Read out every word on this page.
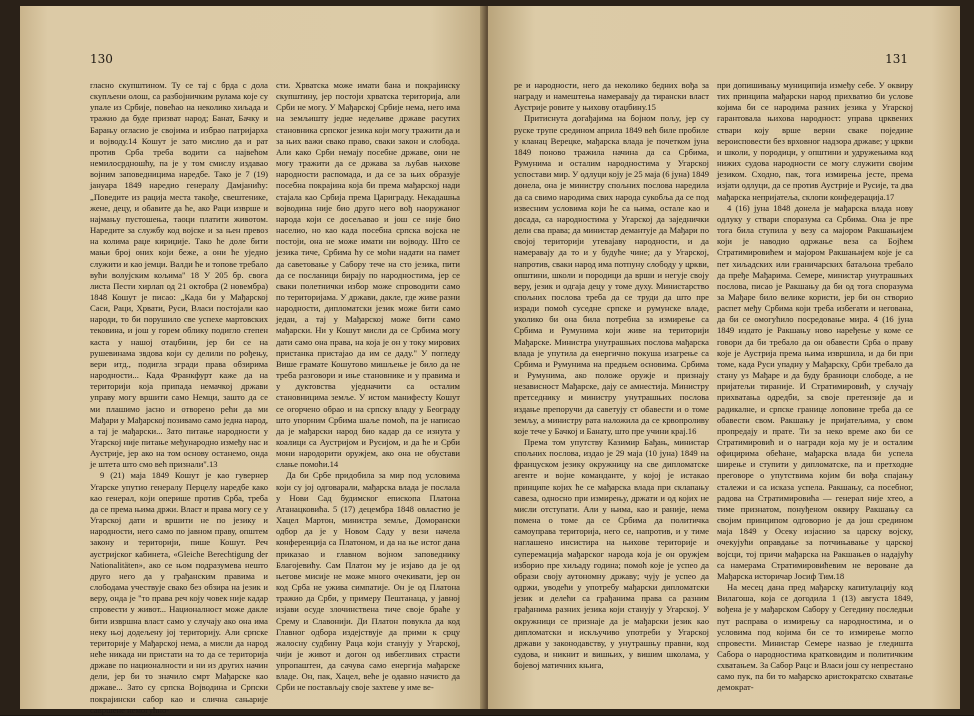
130

гласно скупштином. Ту се тај с брда с дола скупљени олош, са разбојничким рулама које су упале из Србије, повећао на неколико хиљада и тражио да буде призват народ; Банат, Бачку и Барању огласио је својима и избрао патријарха и војводу.14 Кошут је зато мислио да и рат против Срба треба водити са највећом немилосрдношћу, па је у том смислу издавао војним заповедницима наредбе. Тако је 7 (19) јануара 1849 наредио генералу Дамјанићу: „Поведите из рација места такође, свештенике, жене, децу, и обавите да ће, ако Раци изврше и најмању пустошења, таоци платити животом. Наредите за службу код војске и за њен превоз на колима раџе кириџије. Тако ће доле бити мањи број оних који беже, а они ће уједно служити и као јемци. Валди ће и топове требало вући волујским кољима" 18 У 205 бр. свога листа Пести хирлап од 21 октобра (2 новембра) 1848 Кошут је писао: „Када би у Мађарској Саси, Раци, Хрвати, Руси, Власи постојали као народи, то би порушило све успехе мартовских тековина, и још у горем облику подигло степен каста у нашој отаџбини, јер би се на рушевинама звдова који су делили по рођењу, вери итд., подигла згради права обзирима народности... Када Франкфурт каже да на територији која припада немачкој држави управу могу вршити само Немци, зашто да се ми плашимо јасно и отворено рећи да ми Мађари у Мађарској позивамо само једна народ, а тај је мађарски... Зато питање народности у Угарској није питање међународно између нас и Аустрије, јер ако на том основу останемо, онда је штета што смо већ признали".13

9 (21) маја 1849 Кошут је као гувернер Угарске упутио генералу Перцелу наредбе како као генерал, који оперише против Срба, треба да се према њима држи. Власт и права могу се у Угарској дати и вршити не по језику и народности, него само по јавном праву, општем закону и територији, пише Кошут. Реч аустријског кабинета, «Gleiche Berechtigung der Nationalitäten», ако се њом подразумева нешто друго него да у грађанским правима и слободама учествује свако без обзира на језик и веру, онда је "то права реч коју човек није кадар спровести у живот... Националност може дакле бити извршна власт само у случају ако она има неку њој додељену јој територију. Али српске територије у Мађарској нема, а мисли да народ неће никада ни пристати на то да се територија државе по националности и ни из других начин дели, јер би то значило смрт Мађарске као државе... Зато су српска Војводина и Српски покрајински сабор као и слична сањарије савршене немогућно-

сти. Хрватска може имати бана и покрајинску скупштину, јер постоји хрватска територија, али Срби не могу. У Мађарској Србије нема, него има на земљишту једне недељиве државе расутих становника српског језика који могу тражити да и за њих важи свако право, сваки закон и слобода. Али како Срби немају посебне државе, они не могу тражити да се држава за љубав њихове народности распомада, и да се за њих образује посебна покрајина која би према мађарској нади стајала као Србија према Цариграду. Некадашња војводина није био друго него вођ наоружаног народа који се досељавао и још се није био населио, но као када посебна српска војска не постоји, она не може имати ни војводу. Што се језика тиче, Србима ћу се моћи надати на памет да саветовање у Сабору тече на сто језика, пити да се посланици бирају по народностима, јер се сваки полетнички избор може спроводити само по територијама. У држави, дакле, где живе разни народности, дипломатски језик може бити само један, а тај у Мађарској може бити само мађарски. Ни у Кошут мисли да се Србима могу дати само она права, на која је он у току мирових пристанка пристајао да им се даду." У погледу Више грамате Кошутово мишљење је било да не треба разговори и иње становнике и у правима и у дуктовства уједначити са осталим становницима земље. У истом манифесту Кошут се огорчено обрао и на српску владу у Београду што упорним Србима шаље помоћ, па је написао да је мађарски народ био кадар да се изнута у коалици са Аустријом и Русијом, и да ће и Срби мони народорити оружјем, ако она не обустави слање помоћи.14

Да би Србе придобила за мир под условима који су јој одговарали, мађарска влада је послала у Нови Сад будимског епископа Платона Атанацковића. 5 (17) децембра 1848 овластио је Хацел Мартон, министра земље, Доморански одбор да је у Новом Саду у вези начела конференција са Платоном, и да на ње истог дана приказао и главном војном заповеднику Благојевићу. Сам Платон му је изјаво да је од његове мисије не може много очекивати, јер он код Срба не ужива симпатије. Он је од Платона тражио да Срби, у примеру Пештанаца, у јавној изјави осуде злочинствена тиче своје браће у Срему и Славонији. Ди Платон повукла да код Главног одбора издејствује да прими к срцу жалосну судбину Раца који станују у Угарској, чији је живот и догон од ивбегливих страсти упропаштен, да сачува само енергиja мађарске владе. Он, пак, Хацел, веће је одавно начисто да Срби не постављају своје захтеве у име ве-

131

ре и народности, него да неколико бедних вођа за награду и намештења намеравају да тирански власт Аустрије ровите у њихову отаџбину.15

Притиснута догађајима на бојном пољу, јер су руске трупе средином априла 1849 већ биле пробиле у кланац Верецке, мађарска влада је почетком јуна 1849 поново тражила начина да са Србима, Румунима и осталим народностима у Угарској успостави мир. У одлуци коју је 25 маја (6 јуна) 1849 донела, она је министру спољних послова наредила да са свимо народима свих народа сукобља да се под извесним условима који ће са њима, остале као и досада, са народностима у Угарској да заједнички дели сва права; да министар демантује да Мађари по својој територији утеваjаву народности, и да намеравају да то и у будуће чине; да у Угарској, напротив, сваки народ има потпуну слободу у цркви, општини, школи и породици да врши и негује своју веру, језик и одгаја децу у томе духу. Министарство спољних послова треба да се труди да што пре изради помоћ суседне српске и румунске владе, уколико би она била потребна за измирење са Србима и Румунима који живе на територији Мађарске. Министра унутрашњих послова мађарска влада је упутила да енергично покуша изагрење са Србима и Румунима на предњем основима. Србима и Румунима, ако положе оружје и признају независност Мађарске, дају се амнестија. Министру претседнику и министру унутрашњих послова издање препоручи да саветују ст обавести и о томе земљу, а министру рата наложила да се крвопроливу које тече у Бачкој и Банату, што пре учини крај.16

Према том упутству Казимир Бађањ, министар спољних послова, издао је 29 маја (10 јуна) 1849 на француском језику окружницу на све дипломатске агенте и војне команданте, у којој је истакао принципе којих ће се мађарска влада при склапању савеза, односно при измирењу, држати и од којих не мисли отступати. Али у њима, као и раније, нема помена о томе да се Србима да политичка самоуправа територија, него се, напротив, и у тиме наглашено инсистира на њихове територије и суперемација мађарског народа која је он оружјем изборио пре хиљаду година; помоћ које је успео да образи своју аутономну државу; чују је успео да одржи, уводећи у употребу мађарски дипломатски језик и делећи са грађанима права са разним грађанима разних језика који станују у Угарској. У окружници се признаје да је мађарски језик као дипломатски и искључиво употреби у Угарској држави у законодавству, у унутрашњу правни, код судова, и никнит и вишњих, у вишим школама, у бојевој матичних књига,

при допишивању муниципија између себе. У оквиру тих принципа мађарски народ прихватио би услове којима би се народима разних језика у Угарској гарантовала њихова народност: управа црквених ствари коју врше верни свакe поједине вероисповести без врховног надзора државе; у цркви и школи, у породици, у општини и удружењима код нижих судова народности се могу служити својим језиком. Сходно, пак, тога измирења јесте, према изјати одлуци, да се против Аустрије и Русије, та два мађарска непријатеља, склопи конфедерација.17

4 (16) јуна 1848 донела је мађарска влада нову одлуку у ствари споразума са Србима. Она је пре тога била ступила у везу са мајором Ракшањијем који је наводио одржање веза са Бојћем Стратимировићем и мајором Ракшањијем које је са пет хиљадских или граничарских батаљона требало да пређе Мађарима. Семере, министар унутрашњих послова, писао је Ракшању да би од тога споразума за Мађаре било велике користи, јер би он створио распет међу Србима који треба избегати и негована, да би се омогућило посредовање мира. 4 (16 јуна 1849 издато је Ракшању ново наређење у коме се говори да би требало да он обавести Срба о праву које је Аустрија према њима извршила, и да би при томе, када Руси упадну у Мађарску, Срби требало да стану уз Мађаре и да буду браниоци слободе, а не пријатељи тираније. И Стратимировић, у случају прихватања одредби, за своје претензије да и радикалне, и српске границе лоповине треба да се обавести свом. Ракшању је пријатељима, у свом пропредају и прате. Ти за неко време ако би се Стратимировић и о награди која му је и осталим официрима обећане, мађарска влада би успела ширење и ступити у дипломатске, па и претходне преговоре о упутствима којим би вођа спајању сталежи и са исказа успела. Ракшању, са посебног, радова на Стратимировића — генерал није хтео, а тиме признатом, понуђеном оквиру Ракшању са својим принципом одговорио је да још средином маја 1849 у Осеку изјаснио за царску војску, очекујући оправдање за потчињавање у царској војсци, тој причи мађарска на Ракшањев о надајућу са намерама Стратимировићевим не вероване да Мађарска историчар Јосиф Тим.18

На месец дана пред мађарску капитулацију код Вилагоша, која се догодила 1 (13) августа 1849, вођена је у мађарском Сабору у Сегедину последњи пут расправа о измирењу са народностима, и о условима под којима би се то измирење могло спровести. Министар Семере назвао је гледишта Сабора о народностима краткoвидим и политичким схватањем. За Сабор Рацс и Власи још су непрестано само пук, па би то мађарско аристократско схватање демократ-
